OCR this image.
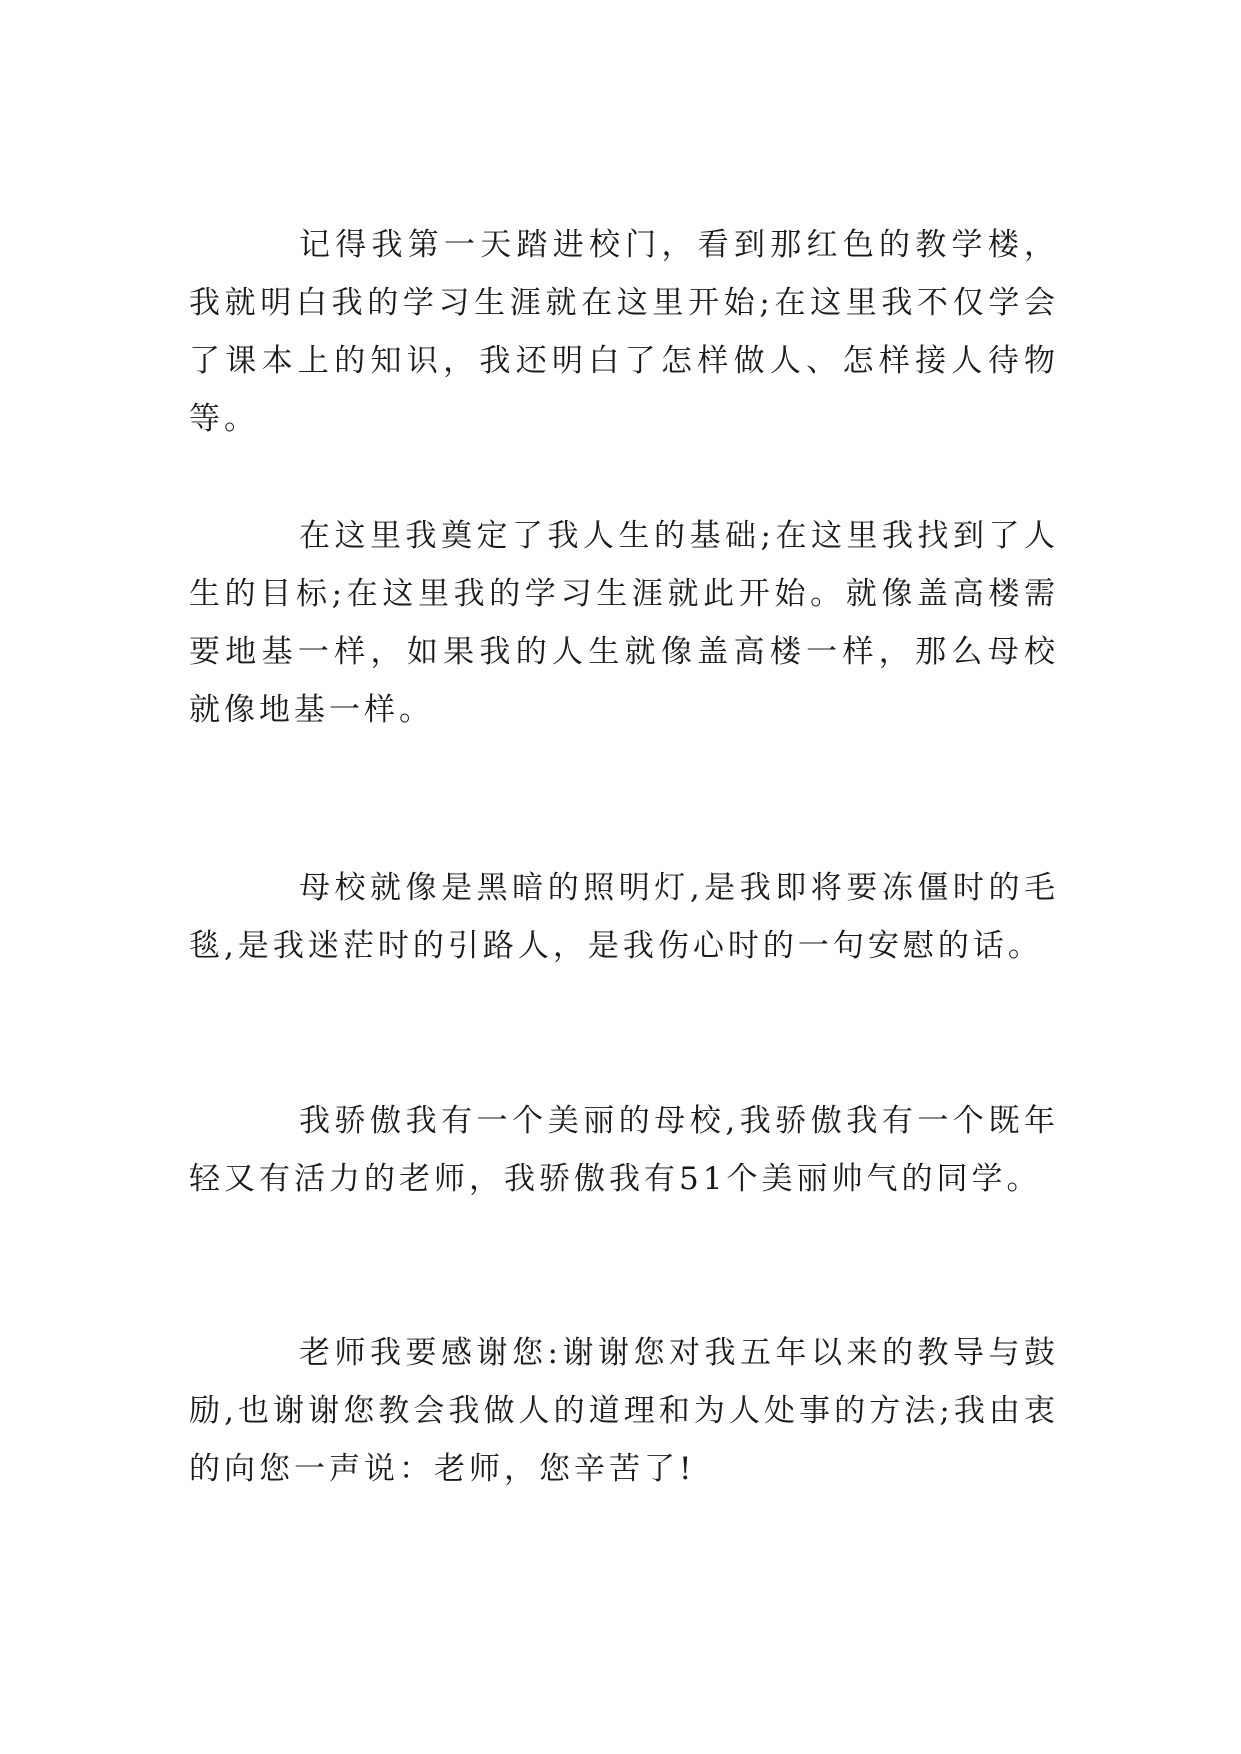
记得我第一天踏进校门，看到那红色的教学楼，我就明白我的学习生涯就在这里开始;在这里我不仅学会了课本上的知识，我还明白了怎样做人、怎样接人待物等。

在这里我奠定了我人生的基础;在这里我找到了人生的目标;在这里我的学习生涯就此开始。就像盖高楼需要地基一样，如果我的人生就像盖高楼一样，那么母校就像地基一样。

母校就像是黑暗的照明灯,是我即将要冻僵时的毛毯,是我迷茫时的引路人，是我伤心时的一句安慰的话。

我骄傲我有一个美丽的母校,我骄傲我有一个既年轻又有活力的老师，我骄傲我有51个美丽帅气的同学。

老师我要感谢您:谢谢您对我五年以来的教导与鼓励,也谢谢您教会我做人的道理和为人处事的方法;我由衷的向您一声说：老师，您辛苦了!
